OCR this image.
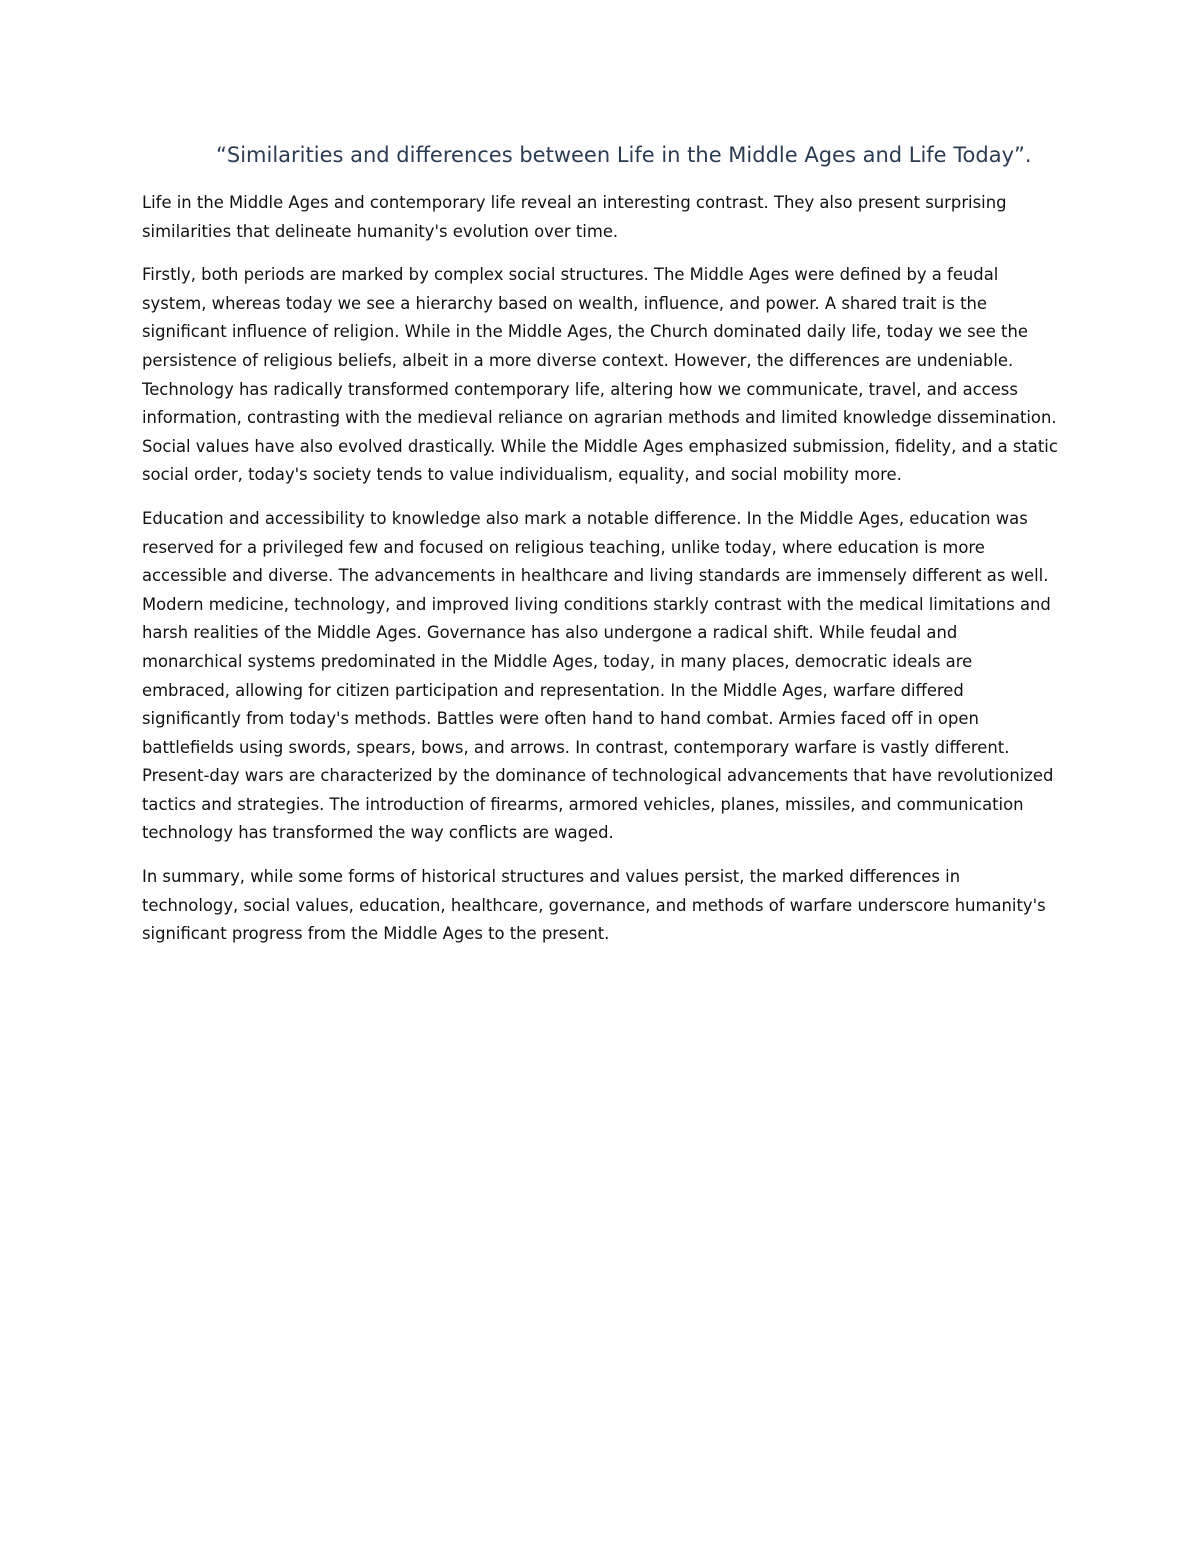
“Similarities and differences between Life in the Middle Ages and Life Today”.

Life in the Middle Ages and contemporary life reveal an interesting contrast. They also present surprising similarities that delineate humanity's evolution over time.

Firstly, both periods are marked by complex social structures. The Middle Ages were defined by a feudal system, whereas today we see a hierarchy based on wealth, influence, and power. A shared trait is the significant influence of religion. While in the Middle Ages, the Church dominated daily life, today we see the persistence of religious beliefs, albeit in a more diverse context. However, the differences are undeniable. Technology has radically transformed contemporary life, altering how we communicate, travel, and access information, contrasting with the medieval reliance on agrarian methods and limited knowledge dissemination. Social values have also evolved drastically. While the Middle Ages emphasized submission, fidelity, and a static social order, today's society tends to value individualism, equality, and social mobility more.

Education and accessibility to knowledge also mark a notable difference. In the Middle Ages, education was reserved for a privileged few and focused on religious teaching, unlike today, where education is more accessible and diverse. The advancements in healthcare and living standards are immensely different as well. Modern medicine, technology, and improved living conditions starkly contrast with the medical limitations and harsh realities of the Middle Ages. Governance has also undergone a radical shift. While feudal and monarchical systems predominated in the Middle Ages, today, in many places, democratic ideals are embraced, allowing for citizen participation and representation. In the Middle Ages, warfare differed significantly from today's methods. Battles were often hand to hand combat. Armies faced off in open battlefields using swords, spears, bows, and arrows. In contrast, contemporary warfare is vastly different. Present-day wars are characterized by the dominance of technological advancements that have revolutionized tactics and strategies. The introduction of firearms, armored vehicles, planes, missiles, and communication technology has transformed the way conflicts are waged.

In summary, while some forms of historical structures and values persist, the marked differences in technology, social values, education, healthcare, governance, and methods of warfare underscore humanity's significant progress from the Middle Ages to the present.
